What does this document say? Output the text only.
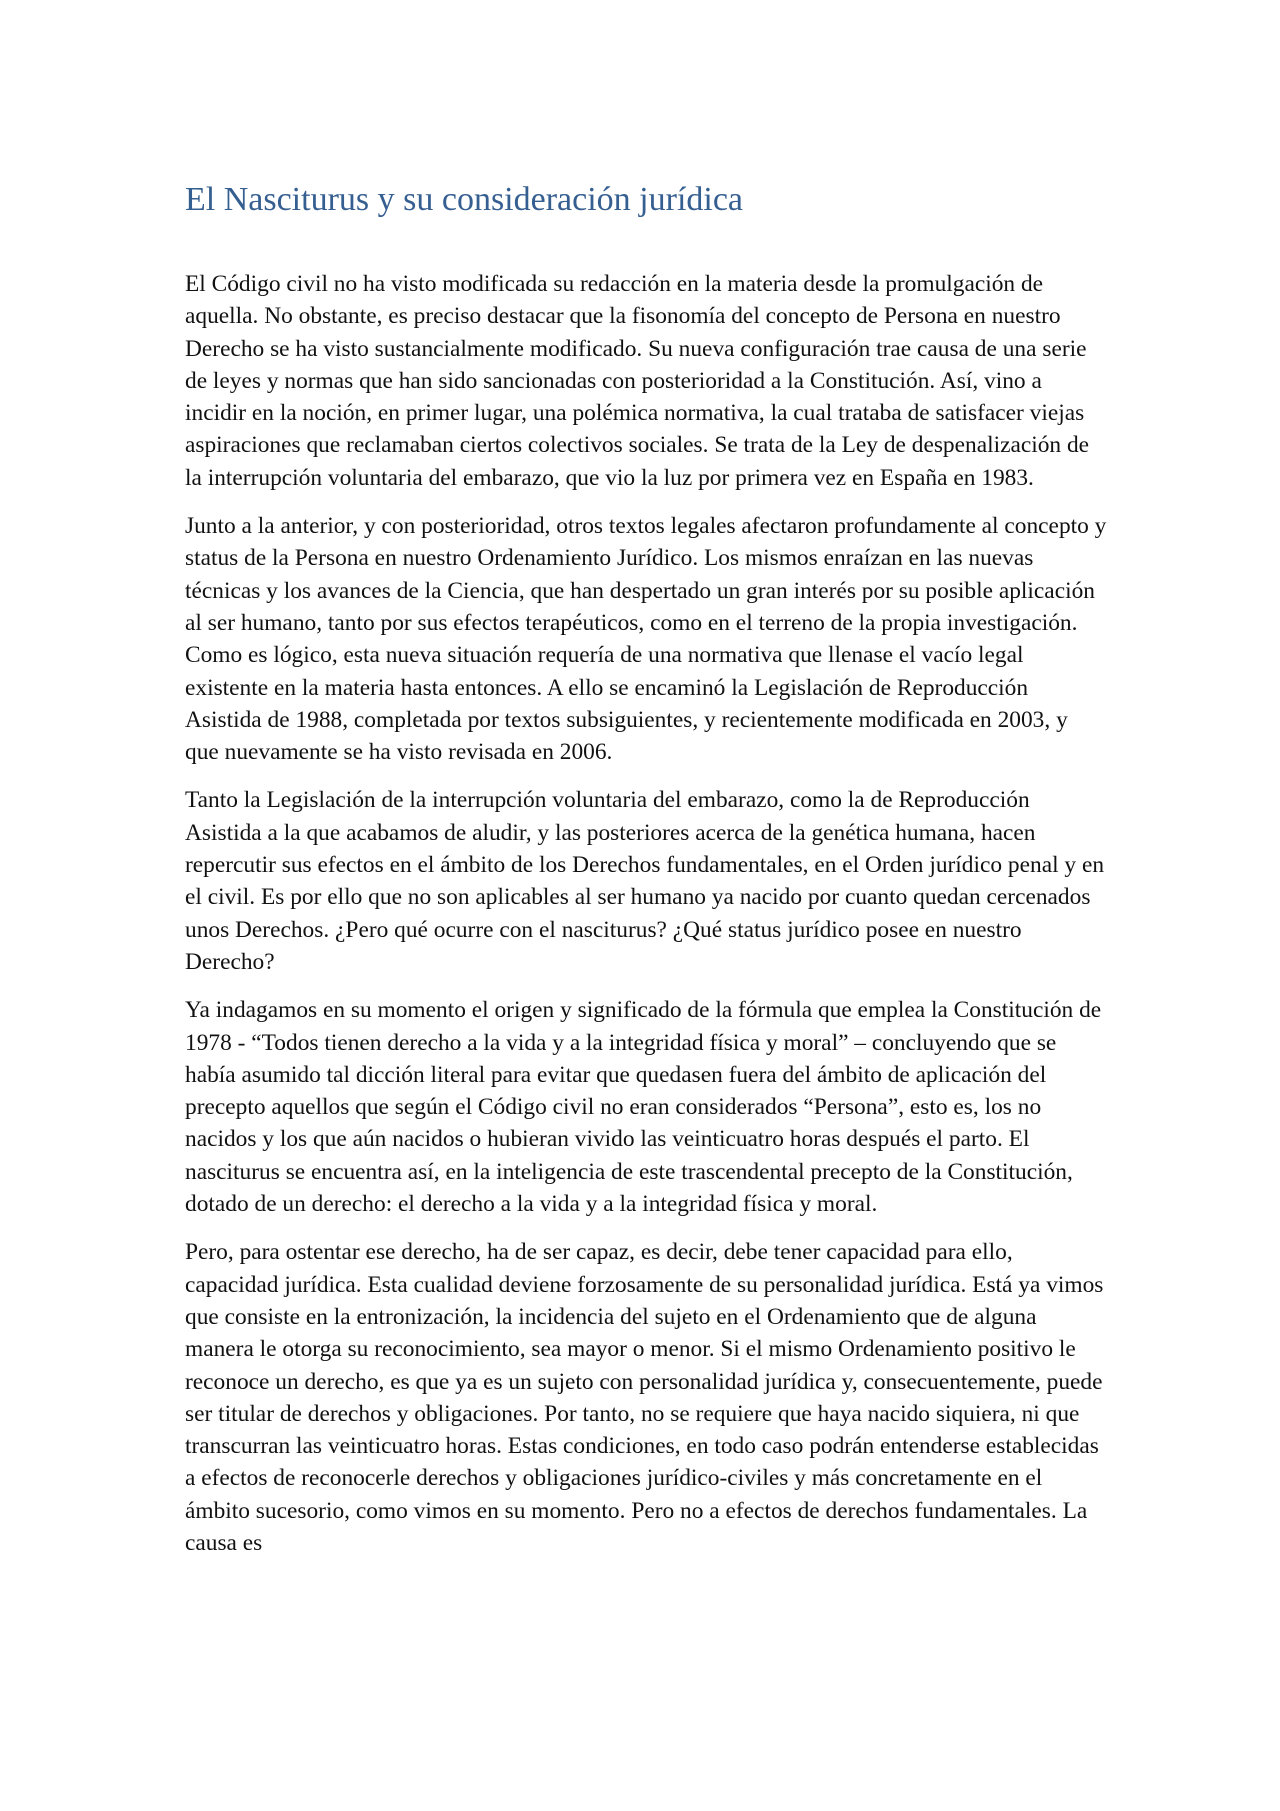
El Nasciturus y su consideración jurídica

El Código civil no ha visto modificada su redacción en la materia desde la promulgación de aquella. No obstante, es preciso destacar que la fisonomía del concepto de Persona en nuestro Derecho se ha visto sustancialmente modificado. Su nueva configuración trae causa de una serie de leyes y normas que han sido sancionadas con posterioridad a la Constitución. Así, vino a incidir en la noción, en primer lugar, una polémica normativa, la cual trataba de satisfacer viejas aspiraciones que reclamaban ciertos colectivos sociales. Se trata de la Ley de despenalización de la interrupción voluntaria del embarazo, que vio la luz por primera vez en España en 1983.

Junto a la anterior, y con posterioridad, otros textos legales afectaron profundamente al concepto y status de la Persona en nuestro Ordenamiento Jurídico. Los mismos enraízan en las nuevas técnicas y los avances de la Ciencia, que han despertado un gran interés por su posible aplicación al ser humano, tanto por sus efectos terapéuticos, como en el terreno de la propia investigación. Como es lógico, esta nueva situación requería de una normativa que llenase el vacío legal existente en la materia hasta entonces. A ello se encaminó la Legislación de Reproducción Asistida de 1988, completada por textos subsiguientes, y recientemente modificada en 2003, y que nuevamente se ha visto revisada en 2006.

Tanto la Legislación de la interrupción voluntaria del embarazo, como la de Reproducción Asistida a la que acabamos de aludir, y las posteriores acerca de la genética humana, hacen repercutir sus efectos en el ámbito de los Derechos fundamentales, en el Orden jurídico penal y en el civil. Es por ello que no son aplicables al ser humano ya nacido por cuanto quedan cercenados unos Derechos. ¿Pero qué ocurre con el nasciturus? ¿Qué status jurídico posee en nuestro Derecho?

Ya indagamos en su momento el origen y significado de la fórmula que emplea la Constitución de 1978 - “Todos tienen derecho a la vida y a la integridad física y moral” – concluyendo que se había asumido tal dicción literal para evitar que quedasen fuera del ámbito de aplicación del precepto aquellos que según el Código civil no eran considerados “Persona”, esto es, los no nacidos y los que aún nacidos o hubieran vivido las veinticuatro horas después el parto. El nasciturus se encuentra así, en la inteligencia de este trascendental precepto de la Constitución, dotado de un derecho: el derecho a la vida y a la integridad física y moral.

Pero, para ostentar ese derecho, ha de ser capaz, es decir, debe tener capacidad para ello, capacidad jurídica. Esta cualidad deviene forzosamente de su personalidad jurídica. Está ya vimos que consiste en la entronización, la incidencia del sujeto en el Ordenamiento que de alguna manera le otorga su reconocimiento, sea mayor o menor. Si el mismo Ordenamiento positivo le reconoce un derecho, es que ya es un sujeto con personalidad jurídica y, consecuentemente, puede ser titular de derechos y obligaciones. Por tanto, no se requiere que haya nacido siquiera, ni que transcurran las veinticuatro horas. Estas condiciones, en todo caso podrán entenderse establecidas a efectos de reconocerle derechos y obligaciones jurídico-civiles y más concretamente en el ámbito sucesorio, como vimos en su momento. Pero no a efectos de derechos fundamentales. La causa es
